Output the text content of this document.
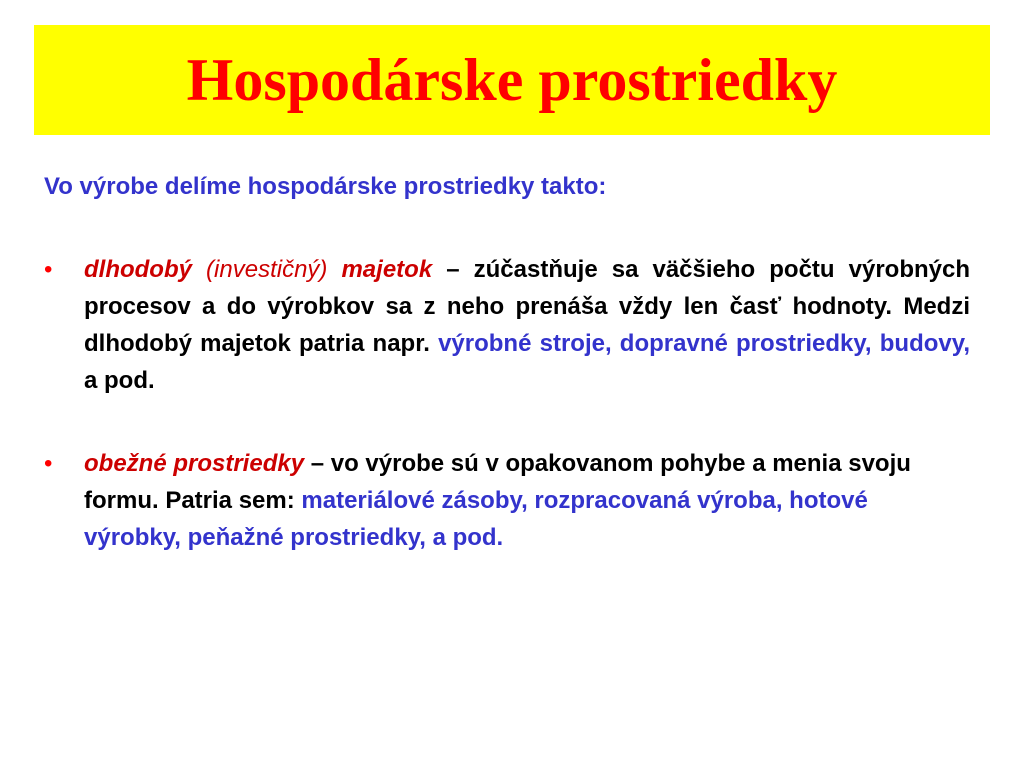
Hospodárske prostriedky

Vo výrobe delíme hospodárske prostriedky takto:

• dlhodobý (investičný) majetok – zúčastňuje sa väčšieho počtu výrobných procesov a do výrobkov sa z neho prenáša vždy len časť hodnoty. Medzi dlhodobý majetok patria napr. výrobné stroje, dopravné prostriedky, budovy, a pod.

• obežné prostriedky – vo výrobe sú v opakovanom pohybe a menia svoju formu. Patria sem: materiálové zásoby, rozpracovaná výroba, hotové výrobky, peňažné prostriedky, a pod.
